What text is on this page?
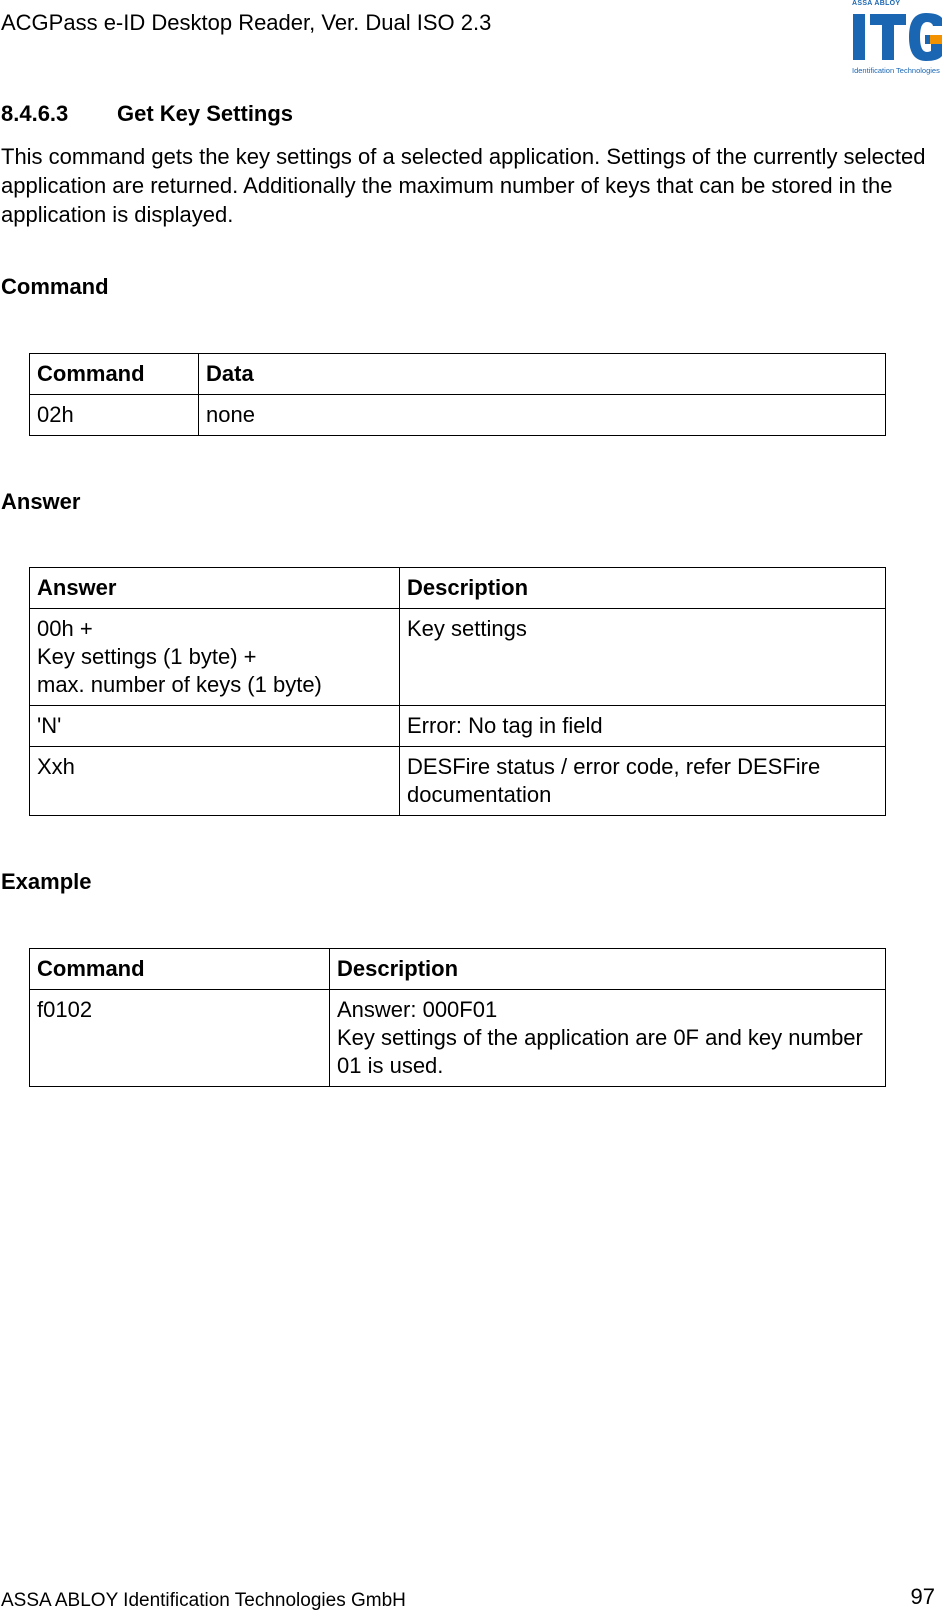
ACGPass e-ID Desktop Reader, Ver. Dual ISO 2.3
ASSA ABLOY
Identification Technologies
8.4.6.3 Get Key Settings
This command gets the key settings of a selected application. Settings of the currently selected application are returned. Additionally the maximum number of keys that can be stored in the application is displayed.
Command
Command	Data
02h	none
Answer
Answer	Description

00h +
Key settings (1 byte) +
max. number of keys (1 byte)	Key settings
'N'	Error: No tag in field
Xxh	DESFire status / error code, refer DESFire documentation
Example
Command	Description
f0102	Answer: 000F01
Key settings of the application are 0F and key number 01 is used.
ASSA ABLOY Identification Technologies GmbH	97
